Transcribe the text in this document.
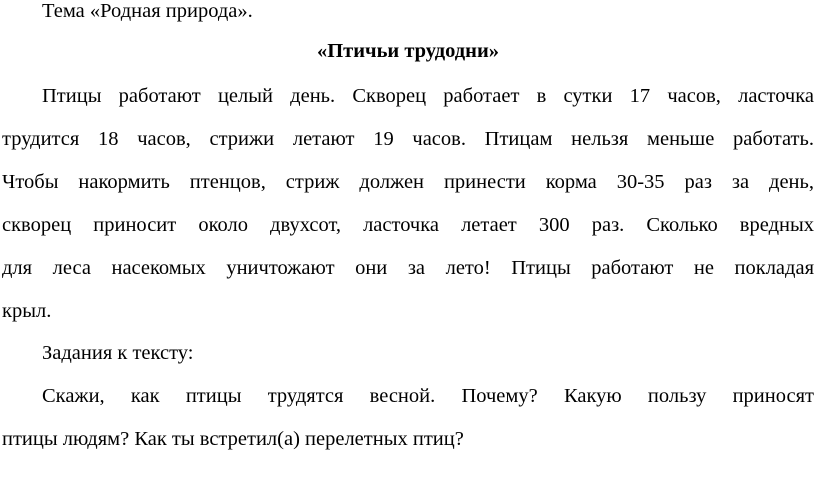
Тема «Родная природа».
«Птичьи трудодни»
Птицы работают целый день. Скворец работает в сутки 17 часов, ласточка
трудится 18 часов, стрижи летают 19 часов. Птицам нельзя меньше работать.
Чтобы накормить птенцов, стриж должен принести корма 30-35 раз за день,
скворец приносит около двухсот, ласточка летает 300 раз. Сколько вредных
для леса насекомых уничтожают они за лето! Птицы работают не покладая
крыл.
Задания к тексту:
Скажи, как птицы трудятся весной. Почему? Какую пользу приносят
птицы людям? Как ты встретил(а) перелетных птиц?
